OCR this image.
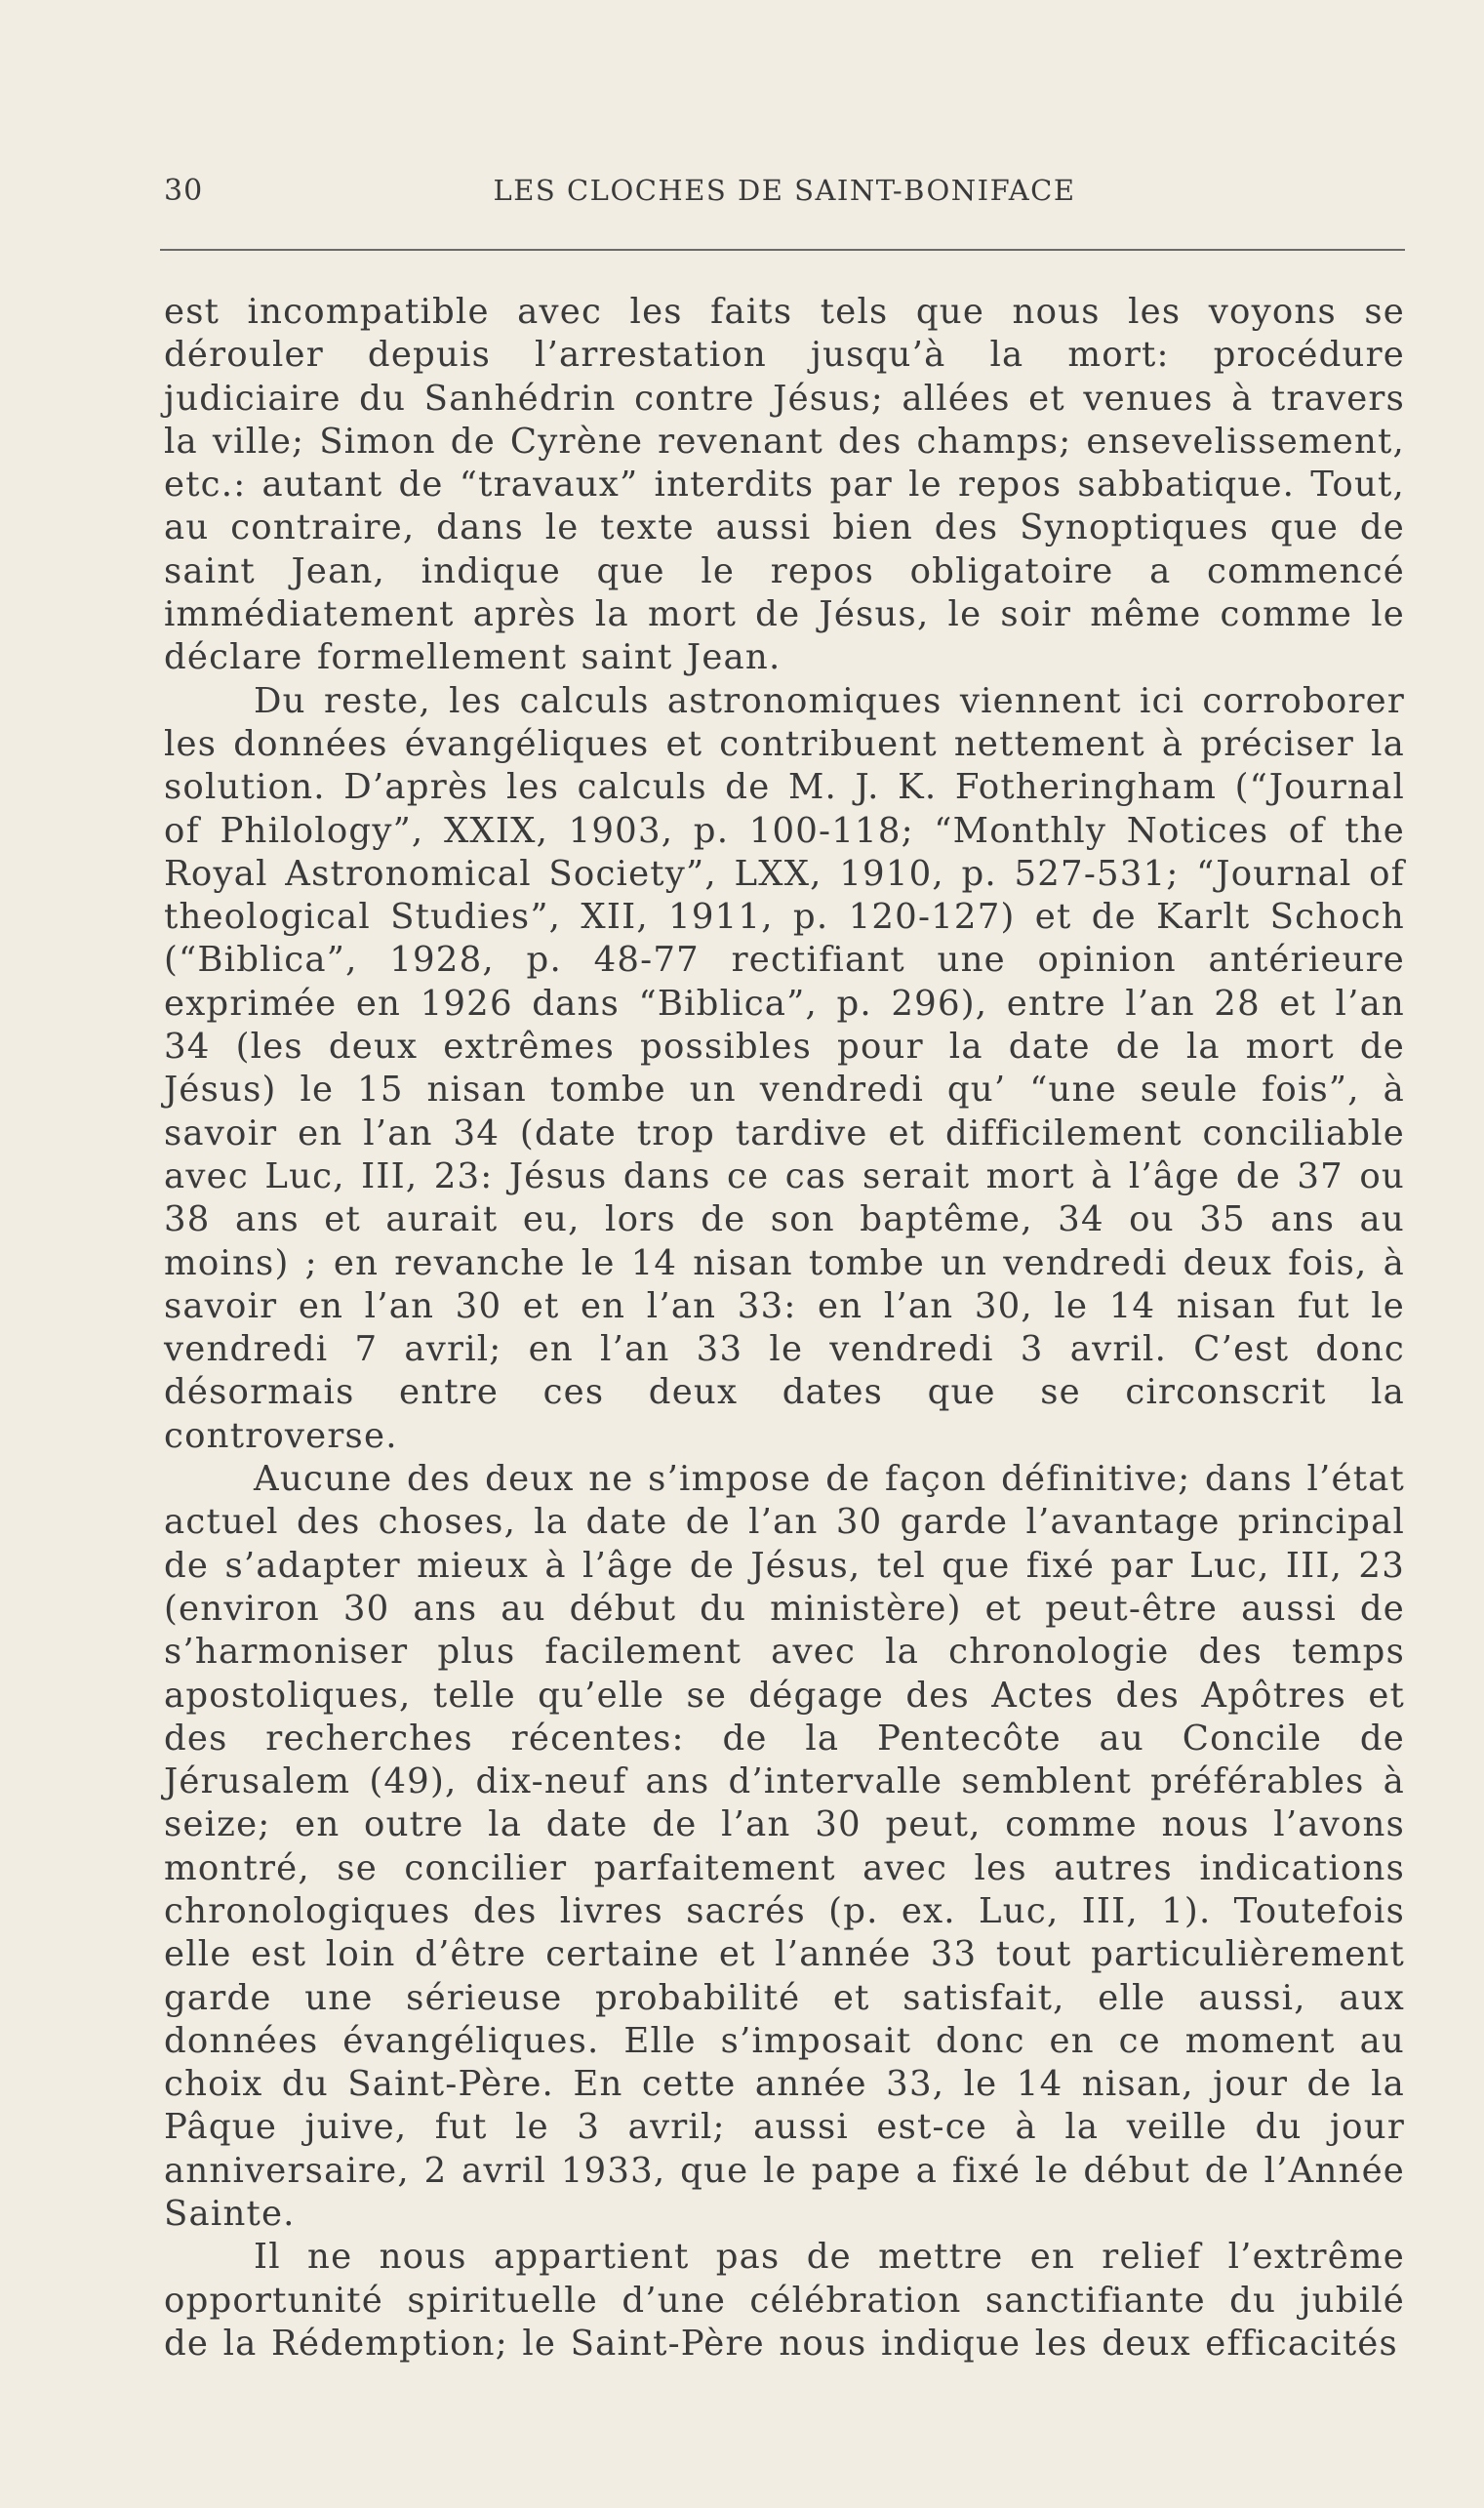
30	LES CLOCHES DE SAINT-BONIFACE

est incompatible avec les faits tels que nous les voyons se dérouler depuis l’arrestation jusqu’à la mort: procédure judiciaire du Sanhédrin contre Jésus; allées et venues à travers la ville; Simon de Cyrène revenant des champs; ensevelissement, etc.: autant de “travaux” interdits par le repos sabbatique. Tout, au contraire, dans le texte aussi bien des Synoptiques que de saint Jean, indique que le repos obligatoire a commencé immédiatement après la mort de Jésus, le soir même comme le déclare formellement saint Jean.

Du reste, les calculs astronomiques viennent ici corroborer les données évangéliques et contribuent nettement à préciser la solution. D’après les calculs de M. J. K. Fotheringham (“Journal of Philology”, XXIX, 1903, p. 100-118; “Monthly Notices of the Royal Astronomical Society”, LXX, 1910, p. 527-531; “Journal of theological Studies”, XII, 1911, p. 120-127) et de Karlt Schoch (“Biblica”, 1928, p. 48-77 rectifiant une opinion antérieure exprimée en 1926 dans “Biblica”, p. 296), entre l’an 28 et l’an 34 (les deux extrêmes possibles pour la date de la mort de Jésus) le 15 nisan tombe un vendredi qu’ “une seule fois”, à savoir en l’an 34 (date trop tardive et difficilement conciliable avec Luc, III, 23: Jésus dans ce cas serait mort à l’âge de 37 ou 38 ans et aurait eu, lors de son baptême, 34 ou 35 ans au moins) ; en revanche le 14 nisan tombe un vendredi deux fois, à savoir en l’an 30 et en l’an 33: en l’an 30, le 14 nisan fut le vendredi 7 avril; en l’an 33 le vendredi 3 avril. C’est donc désormais entre ces deux dates que se circonscrit la controverse.

Aucune des deux ne s’impose de façon définitive; dans l’état actuel des choses, la date de l’an 30 garde l’avantage principal de s’adapter mieux à l’âge de Jésus, tel que fixé par Luc, III, 23 (environ 30 ans au début du ministère) et peut-être aussi de s’harmoniser plus facilement avec la chronologie des temps apostoliques, telle qu’elle se dégage des Actes des Apôtres et des recherches récentes: de la Pentecôte au Concile de Jérusalem (49), dix-neuf ans d’intervalle semblent préférables à seize; en outre la date de l’an 30 peut, comme nous l’avons montré, se concilier parfaitement avec les autres indications chronologiques des livres sacrés (p. ex. Luc, III, 1). Toutefois elle est loin d’être certaine et l’année 33 tout particulièrement garde une sérieuse probabilité et satisfait, elle aussi, aux données évangéliques. Elle s’imposait donc en ce moment au choix du Saint-Père. En cette année 33, le 14 nisan, jour de la Pâque juive, fut le 3 avril; aussi est-ce à la veille du jour anniversaire, 2 avril 1933, que le pape a fixé le début de l’Année Sainte.

Il ne nous appartient pas de mettre en relief l’extrême opportunité spirituelle d’une célébration sanctifiante du jubilé de la Rédemption; le Saint-Père nous indique les deux efficacités
